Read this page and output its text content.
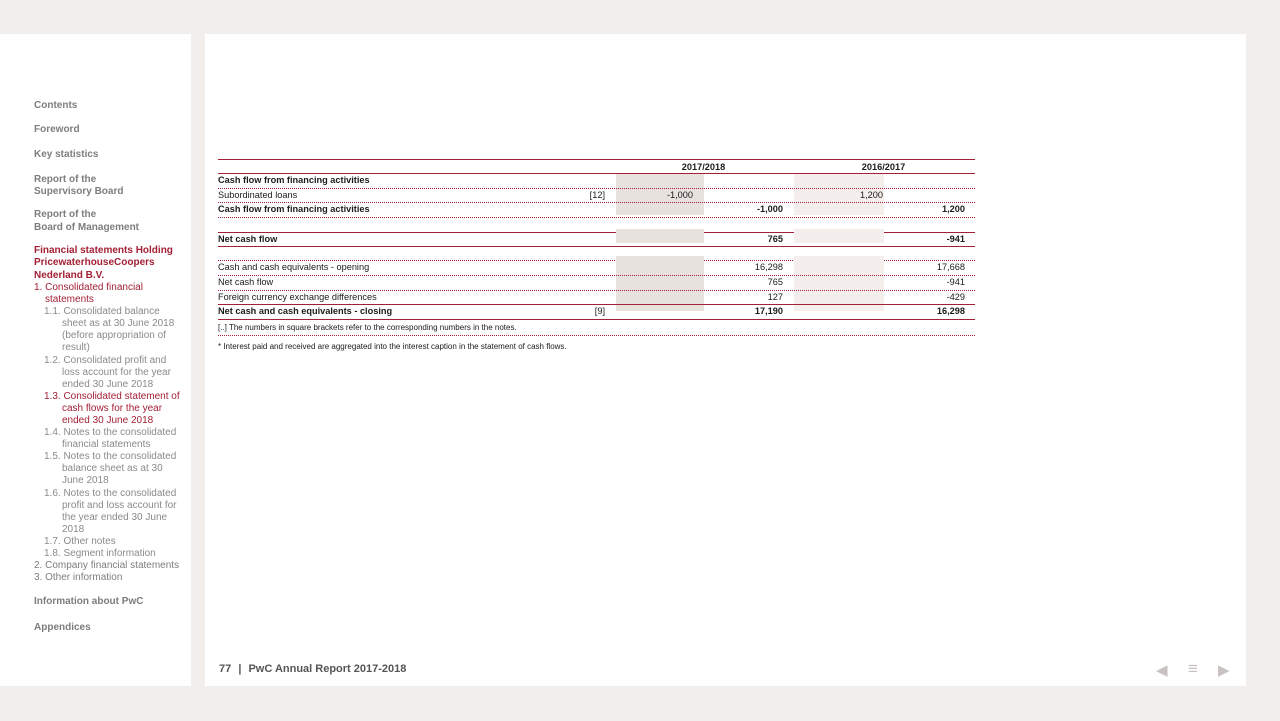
Contents
Foreword
Key statistics
Report of the
Supervisory Board
Report of the
Board of Management
Financial statements Holding PricewaterhouseCoopers Nederland B.V.
1. Consolidated financial statements
1.1. Consolidated balance sheet as at 30 June 2018 (before appropriation of result)
1.2. Consolidated profit and loss account for the year ended 30 June 2018
1.3. Consolidated statement of cash flows for the year ended 30 June 2018
1.4. Notes to the consolidated financial statements
1.5. Notes to the consolidated balance sheet as at 30 June 2018
1.6. Notes to the consolidated profit and loss account for the year ended 30 June 2018
1.7. Other notes
1.8. Segment information
2. Company financial statements
3. Other information
Information about PwC
Appendices
2017/2018	2016/2017
Cash flow from financing activities
Subordinated loans	[12]	-1,000	1,200
Cash flow from financing activities	-1,000	1,200
Net cash flow	765	-941
Cash and cash equivalents - opening	16,298	17,668
Net cash flow	765	-941
Foreign currency exchange differences	127	-429
Net cash and cash equivalents - closing	[9]	17,190	16,298
[..] The numbers in square brackets refer to the corresponding numbers in the notes.
* Interest paid and received are aggregated into the interest caption in the statement of cash flows.
77 | PwC Annual Report 2017-2018	◀ ≡ ▶
